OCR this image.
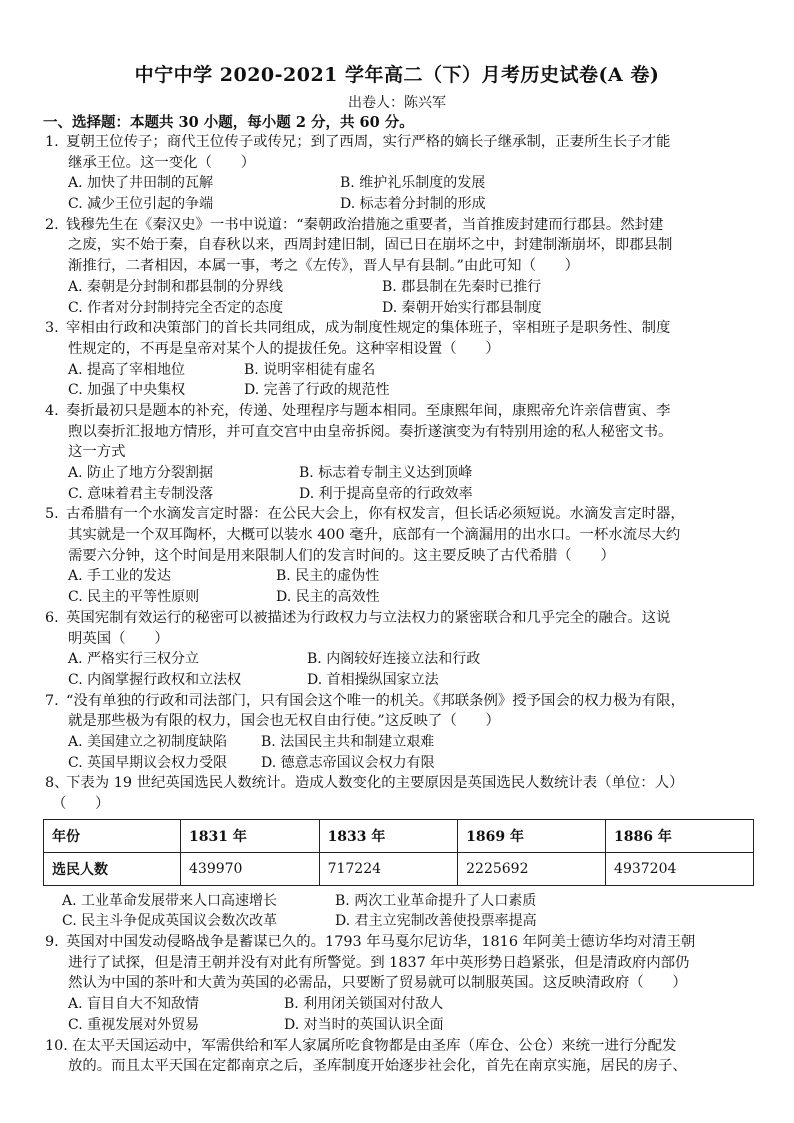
中宁中学 2020-2021 学年高二（下）月考历史试卷(A 卷)
出卷人：陈兴军
一、选择题：本题共 30 小题，每小题 2 分，共 60 分。
1. 夏朝王位传子；商代王位传子或传兄；到了西周，实行严格的嫡长子继承制，正妻所生长子才能
继承王位。这一变化（　　）
A. 加快了井田制的瓦解	B. 维护礼乐制度的发展
C. 减少王位引起的争端	D. 标志着分封制的形成
2. 钱穆先生在《秦汉史》一书中说道：“秦朝政治措施之重要者，当首推废封建而行郡县。然封建
之废，实不始于秦，自春秋以来，西周封建旧制，固已日在崩坏之中，封建制渐崩坏，即郡县制
渐推行，二者相因，本属一事，考之《左传》，晋人早有县制。”由此可知（　　）
A. 秦朝是分封制和郡县制的分界线	B. 郡县制在先秦时已推行
C. 作者对分封制持完全否定的态度	D. 秦朝开始实行郡县制度
3. 宰相由行政和决策部门的首长共同组成，成为制度性规定的集体班子，宰相班子是职务性、制度
性规定的，不再是皇帝对某个人的提拔任免。这种宰相设置（　　）
A. 提高了宰相地位	B. 说明宰相徒有虚名
C. 加强了中央集权	D. 完善了行政的规范性
4. 奏折最初只是题本的补充，传递、处理程序与题本相同。至康熙年间，康熙帝允许亲信曹寅、李
煦以奏折汇报地方情形，并可直交宫中由皇帝拆阅。奏折遂演变为有特别用途的私人秘密文书。
这一方式
A. 防止了地方分裂割据	B. 标志着专制主义达到顶峰
C. 意味着君主专制没落	D. 利于提高皇帝的行政效率
5. 古希腊有一个水滴发言定时器：在公民大会上，你有权发言，但长话必须短说。水滴发言定时器，
其实就是一个双耳陶杯，大概可以装水 400 毫升，底部有一个滴漏用的出水口。一杯水流尽大约
需要六分钟，这个时间是用来限制人们的发言时间的。这主要反映了古代希腊（　　）
A. 手工业的发达	B. 民主的虚伪性
C. 民主的平等性原则	D. 民主的高效性
6. 英国宪制有效运行的秘密可以被描述为行政权力与立法权力的紧密联合和几乎完全的融合。这说
明英国（　　）
A. 严格实行三权分立	B. 内阁较好连接立法和行政
C. 内阁掌握行政权和立法权	D. 首相操纵国家立法
7. “没有单独的行政和司法部门，只有国会这个唯一的机关。《邦联条例》授予国会的权力极为有限，
就是那些极为有限的权力，国会也无权自由行使。”这反映了（　　）
A. 美国建立之初制度缺陷 B. 法国民主共和制建立艰难
C. 英国早期议会权力受限 D. 德意志帝国议会权力有限
8、
下表为 19 世纪英国选民人数统计。造成人数变化的主要原因是英国选民人数统计表（单位：人）
（　　）
年份	1831 年	1833 年	1869 年	1886 年
选民人数	439970	717224	2225692	4937204
A. 工业革命发展带来人口高速增长	B. 两次工业革命提升了人口素质
C. 民主斗争促成英国议会数次改革	D. 君主立宪制改善使投票率提高
9. 英国对中国发动侵略战争是蓄谋已久的。1793 年马戛尔尼访华，1816 年阿美士德访华均对清王朝
进行了试探，但是清王朝并没有对此有所警觉。到 1837 年中英形势日趋紧张，但是清政府内部仍
然认为中国的茶叶和大黄为英国的必需品，只要断了贸易就可以制服英国。这反映清政府（　　）
A. 盲目自大不知敌情	B. 利用闭关锁国对付敌人
C. 重视发展对外贸易	D. 对当时的英国认识全面
10. 在太平天国运动中，军需供给和军人家属所吃食物都是由圣库（库仓、公仓）来统一进行分配发
放的。而且太平天国在定都南京之后，圣库制度开始逐步社会化，首先在南京实施，居民的房子、
